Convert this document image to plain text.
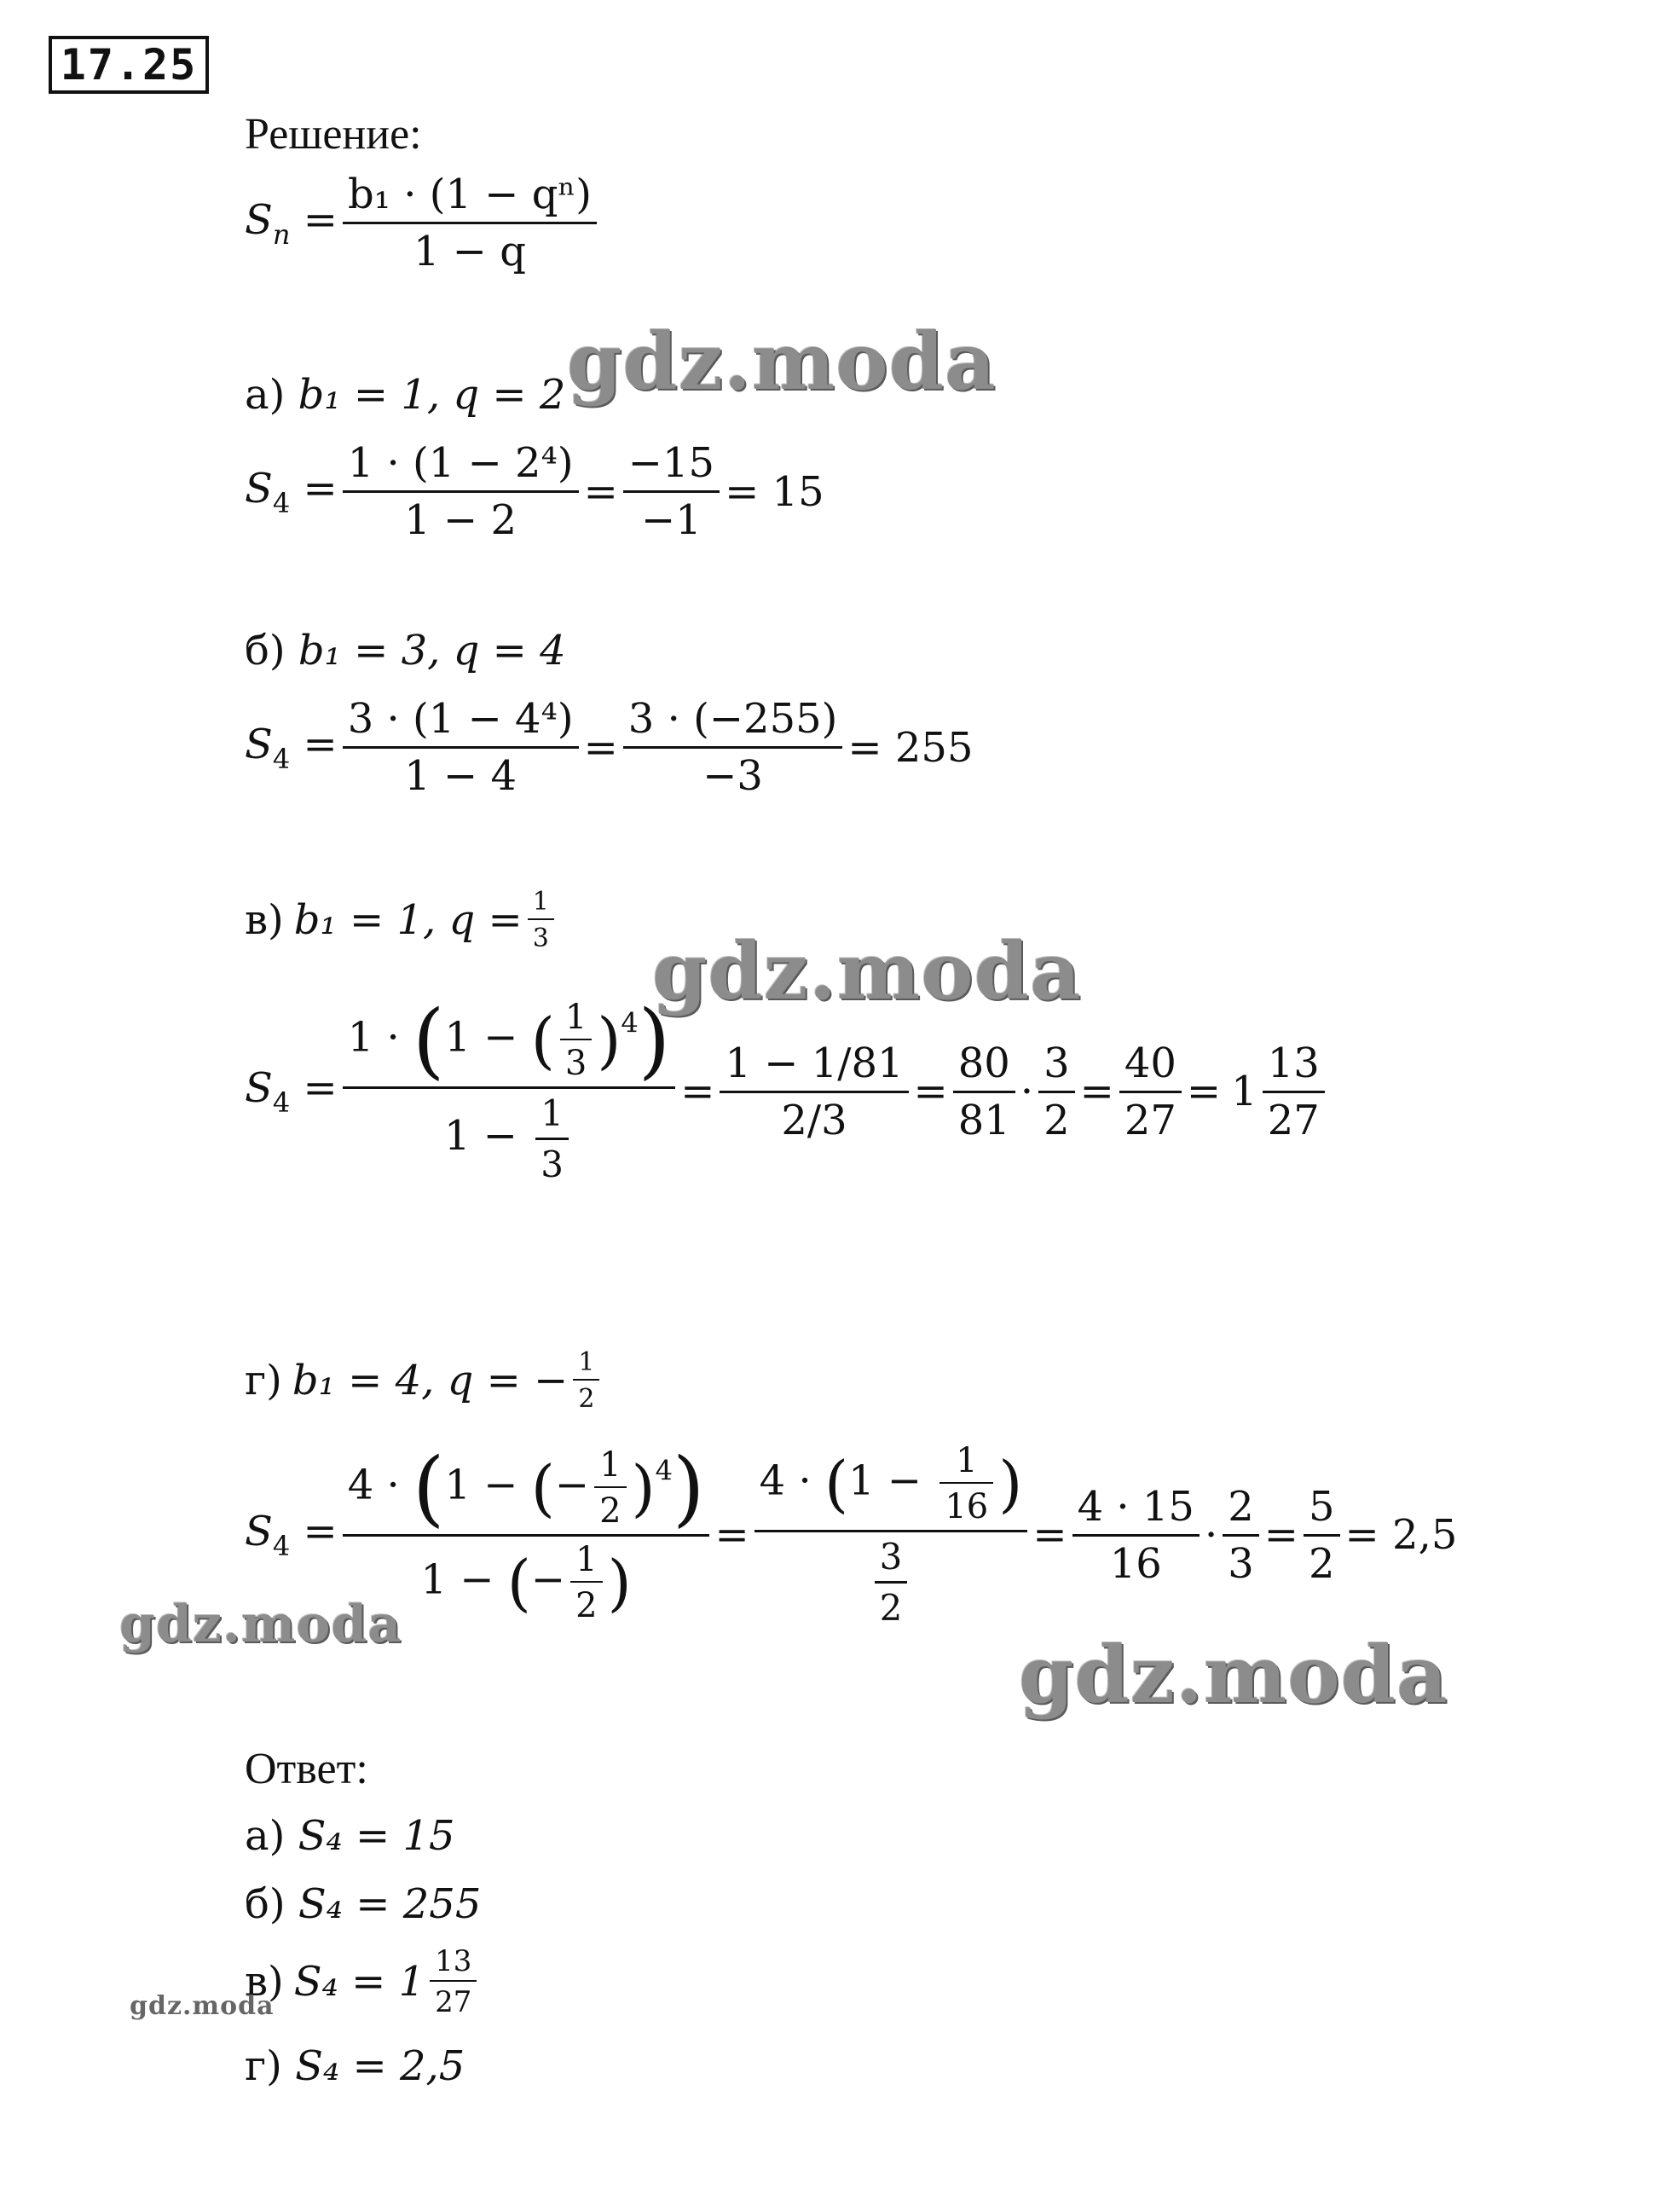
17.25
Решение:
$S_n = \frac{\text{b₁ · (1 − qⁿ)}}{1 - q}$
а) b₁ = 1, q = 2
$S_4 = \frac{\text{1 · (1 − 2⁴)}}{1 - 2} = \frac{-15}{-1} = 15$
б) b₁ = 3, q = 4
$S_4 = \frac{\text{3 · (1 − 4⁴)}}{1 - 4} = \frac{3 \cdot (-255)}{-3} = 255$
в) b₁ = 1, $q = \frac{1}{3}$
$S_4 = \frac{1 \cdot (1 - ( \frac{1}{3} )^4)}{1 - \frac{1}{3}} = \frac{1 - 1/81}{2/3} = \frac{80}{81} \cdot \frac{3}{2} = \frac{40}{27} = 1 \frac{13}{27}$
г) b₁ = 4, q = − $\frac{1}{2}$
$S_4 = \frac{4 \cdot (1 - (- \frac{1}{2} )^4)}{1 - (- \frac{1}{2} )} = \frac{4 \cdot (1 - \frac{1}{16} )}{\frac{3}{2}} = \frac{4 \cdot 15}{16} \cdot \frac{2}{3} = \frac{5}{2} = 2,5$
Ответ:
а) S₄ = 15
б) S₄ = 255
в) $S_4 = 1 \frac{13}{27}$
г) S₄ = 2,5
gdz.moda
gdz.moda
gdz.moda
gdz.moda
gdz.moda
